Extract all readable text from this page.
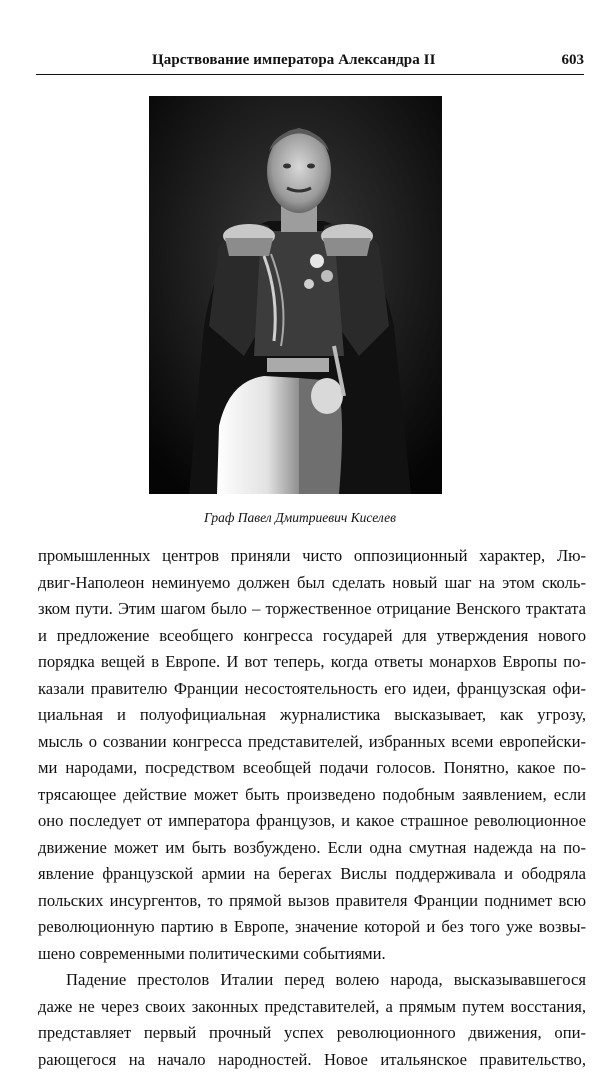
Царствование императора Александра II	603
Граф Павел Дмитриевич Киселев
промышленных центров приняли чисто оппозиционный характер, Лю-
двиг-Наполеон неминуемо должен был сделать новый шаг на этом сколь-
зком пути. Этим шагом было – торжественное отрицание Венского трактата
и предложение всеобщего конгресса государей для утверждения нового
порядка вещей в Европе. И вот теперь, когда ответы монархов Европы по-
казали правителю Франции несостоятельность его идеи, французская офи-
циальная и полуофициальная журналистика высказывает, как угрозу,
мысль о созвании конгресса представителей, избранных всеми европейски-
ми народами, посредством всеобщей подачи голосов. Понятно, какое по-
трясающее действие может быть произведено подобным заявлением, если
оно последует от императора французов, и какое страшное революционное
движение может им быть возбуждено. Если одна смутная надежда на по-
явление французской армии на берегах Вислы поддерживала и ободряла
польских инсургентов, то прямой вызов правителя Франции поднимет всю
революционную партию в Европе, значение которой и без того уже возвы-
шено современными политическими событиями.
Падение престолов Италии перед волею народа, высказывавшегося
даже не через своих законных представителей, а прямым путем восстания,
представляет первый прочный успех революционного движения, опи-
рающегося на начало народностей. Новое итальянское правительство,
